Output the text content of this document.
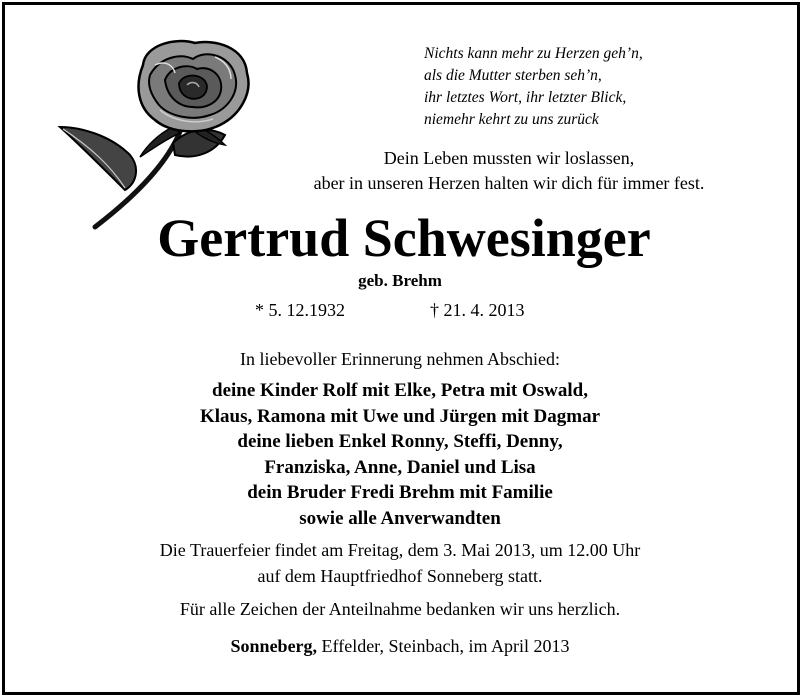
Nichts kann mehr zu Herzen geh’n,
als die Mutter sterben seh’n,
ihr letztes Wort, ihr letzter Blick,
niemehr kehrt zu uns zurück
Dein Leben mussten wir loslassen,
aber in unseren Herzen halten wir dich für immer fest.
Gertrud Schwesinger
geb. Brehm
* 5. 12.1932	† 21. 4. 2013
In liebevoller Erinnerung nehmen Abschied:
deine Kinder Rolf mit Elke, Petra mit Oswald,
Klaus, Ramona mit Uwe und Jürgen mit Dagmar
deine lieben Enkel Ronny, Steffi, Denny,
Franziska, Anne, Daniel und Lisa
dein Bruder Fredi Brehm mit Familie
sowie alle Anverwandten
Die Trauerfeier findet am Freitag, dem 3. Mai 2013, um 12.00 Uhr
auf dem Hauptfriedhof Sonneberg statt.
Für alle Zeichen der Anteilnahme bedanken wir uns herzlich.
Sonneberg, Effelder, Steinbach, im April 2013
